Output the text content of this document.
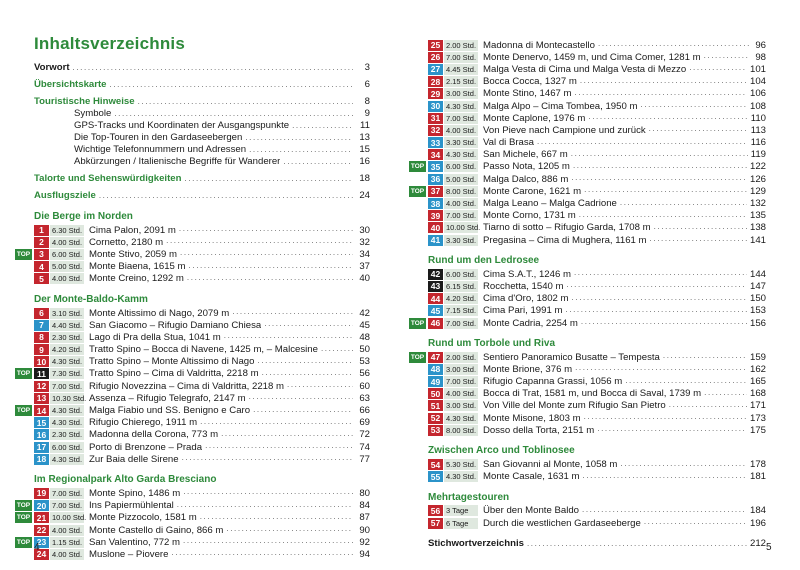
Inhaltsverzeichnis
Vorwort .....	3
Übersichtskarte .....	6
Touristische Hinweise .....	8
Symbole .....	9
GPS-Tracks und Koordinaten der Ausgangspunkte .....	11
Die Top-Touren in den Gardaseebergen .....	13
Wichtige Telefonnummern und Adressen .....	15
Abkürzungen / Italienische Begriffe für Wanderer .....	16
Talorte und Sehenswürdigkeiten .....	18
Ausflugsziele .....	24
Die Berge im Norden
1	6.30 Std. Cima Palon, 2091 m .....	30
2	4.00 Std. Cornetto, 2180 m .....	32
TOP	3	6.00 Std. Monte Stivo, 2059 m .....	34
4	5.00 Std. Monte Biaena, 1615 m .....	37
5	4.00 Std. Monte Creino, 1292 m .....	40
Der Monte-Baldo-Kamm
6	3.10 Std. Monte Altissimo di Nago, 2079 m .....	42
7	4.40 Std. San Giacomo – Rifugio Damiano Chiesa .....	45
8	2.30 Std. Lago di Pra della Stua, 1041 m .....	48
9	4.20 Std. Tratto Spino – Bocca di Navene, 1425 m, – Malcesine .....	50
10 4.30 Std. Tratto Spino – Monte Altissimo di Nago .....	53
TOP 11 7.30 Std. Tratto Spino – Cima di Valdritta, 2218 m .....	56
12 7.00 Std. Rifugio Novezzina – Cima di Valdritta, 2218 m .....	60
13 10.30 Std. Assenza – Rifugio Telegrafo, 2147 m .....	63
TOP 14 4.30 Std. Malga Fiabio und SS. Benigno e Caro .....	66
15 4.30 Std. Rifugio Chierego, 1911 m .....	69
16 2.30 Std. Madonna della Corona, 773 m .....	72
17 6.00 Std. Porto di Brenzone – Prada .....	74
18 4.30 Std. Zur Baia delle Sirene .....	77
Im Regionalpark Alto Garda Bresciano
19 7.00 Std. Monte Spino, 1486 m .....	80
TOP 20 7.00 Std. Ins Papiermühlental .....	84
TOP 21 10.00 Std. Monte Pizzocolo, 1581 m .....	87
22 4.00 Std. Monte Castello di Gaino, 866 m .....	90
TOP 23 1.15 Std. San Valentino, 772 m .....	92
24 4.00 Std. Muslone – Piovere .....	94
4
25 2.00 Std. Madonna di Montecastello .....	96
26 7.00 Std. Monte Denervo, 1459 m, und Cima Comer, 1281 m .....	98
27 4.45 Std. Malga Vesta di Cima und Malga Vesta di Mezzo .....	101
28 2.15 Std. Bocca Cocca, 1327 m .....	104
29 3.00 Std. Monte Stino, 1467 m .....	106
30 4.30 Std. Malga Alpo – Cima Tombea, 1950 m .....	108
31 7.00 Std. Monte Caplone, 1976 m .....	110
32 4.00 Std. Von Pieve nach Campione und zurück .....	113
33 3.30 Std. Val di Brasa .....	116
34 4.30 Std. San Michele, 667 m .....	119
TOP 35 6.00 Std. Passo Nota, 1205 m .....	122
36 5.00 Std. Malga Dalco, 886 m .....	126
TOP 37 8.00 Std. Monte Carone, 1621 m .....	129
38 4.00 Std. Malga Leano – Malga Cadrione .....	132
39 7.00 Std. Monte Corno, 1731 m .....	135
40 10.00 Std. Tiarno di sotto – Rifugio Garda, 1708 m .....	138
41 3.30 Std. Pregasina – Cima di Mughera, 1161 m .....	141
Rund um den Ledrosee
42 6.00 Std. Cima S.A.T., 1246 m .....	144
43 6.15 Std. Rocchetta, 1540 m .....	147
44 4.20 Std. Cima d'Oro, 1802 m .....	150
45 7.15 Std. Cima Pari, 1991 m .....	153
TOP 46 7.00 Std. Monte Cadria, 2254 m .....	156
Rund um Torbole und Riva
TOP 47 2.00 Std. Sentiero Panoramico Busatte – Tempesta .....	159
48 3.00 Std. Monte Brione, 376 m .....	162
49 7.00 Std. Rifugio Capanna Grassi, 1056 m .....	165
50 4.00 Std. Bocca di Trat, 1581 m, und Bocca di Saval, 1739 m .....	168
51 3.00 Std. Von Ville del Monte zum Rifugio San Pietro .....	171
52 4.30 Std. Monte Misone, 1803 m .....	173
53 8.00 Std. Dosso della Torta, 2151 m .....	175
Zwischen Arco und Toblinosee
54 5.30 Std. San Giovanni al Monte, 1058 m .....	178
55 4.30 Std. Monte Casale, 1631 m .....	181
Mehrtagestouren
56 3 Tage	Über den Monte Baldo .....	184
57 6 Tage	Durch die westlichen Gardaseeberge .....	196
Stichwortverzeichnis .....	212 5
